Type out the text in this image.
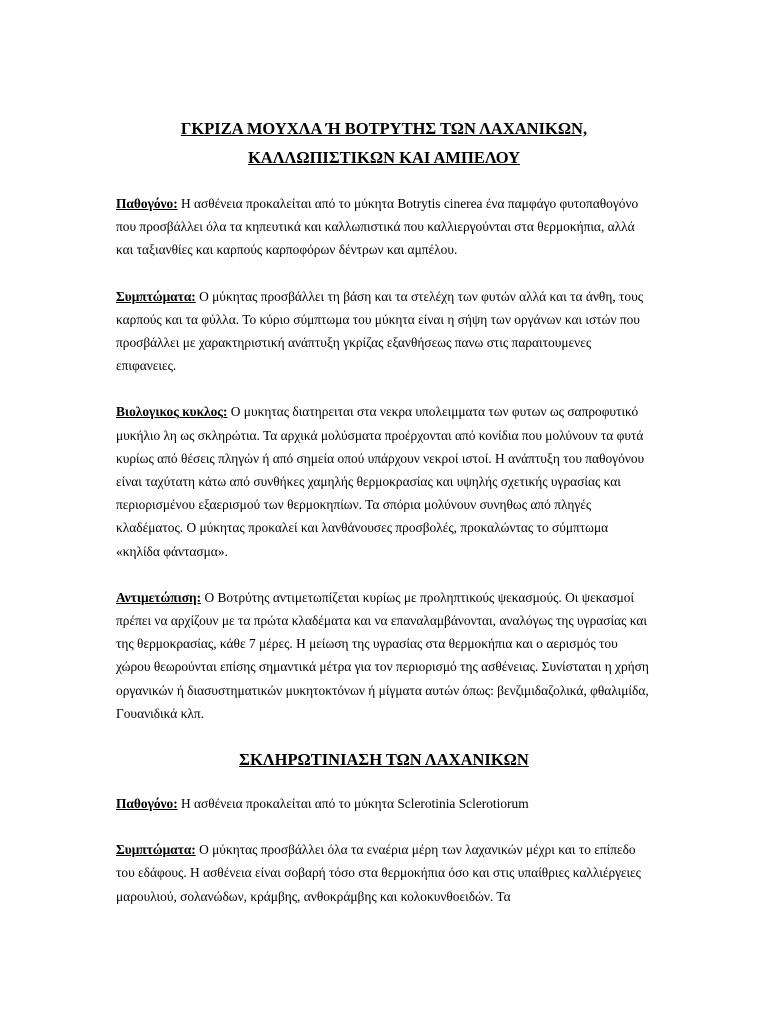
ΓΚΡΙΖΑ ΜΟΥΧΛΑ Ή ΒΟΤΡΥΤΗΣ ΤΩΝ ΛΑΧΑΝΙΚΩΝ,
ΚΑΛΛΩΠΙΣΤΙΚΩΝ ΚΑΙ ΑΜΠΕΛΟΥ

Παθογόνο: Η ασθένεια προκαλείται από το μύκητα Botrytis cinerea ένα παμφάγο φυτοπαθογόνο που προσβάλλει όλα τα κηπευτικά και καλλωπιστικά που καλλιεργούνται στα θερμοκήπια, αλλά και ταξιανθίες και καρπούς καρποφόρων δέντρων και αμπέλου.

Συμπτώματα: Ο μύκητας προσβάλλει τη βάση και τα στελέχη των φυτών αλλά και τα άνθη, τους καρπούς και τα φύλλα. Το κύριο σύμπτωμα του μύκητα είναι η σήψη των οργάνων και ιστών που προσβάλλει με χαρακτηριστική ανάπτυξη γκρίζας εξανθήσεως πανω στις παραιτουμενες επιφανειες.

Βιολογικος κυκλος: Ο μυκητας διατηρειται στα νεκρα υπολειμματα των φυτων ως σαπροφυτικό μυκήλιο λη ως σκληρώτια. Τα αρχικά μολύσματα προέρχονται από κονίδια που μολύνουν τα φυτά κυρίως από θέσεις πληγών ή από σημεία οπού υπάρχουν νεκροί ιστοί. Η ανάπτυξη του παθογόνου είναι ταχύτατη κάτω από συνθήκες χαμηλής θερμοκρασίας και υψηλής σχετικής υγρασίας και περιορισμένου εξαερισμού των θερμοκηπίων. Τα σπόρια μολύνουν συνηθως από πληγές κλαδέματος. Ο μύκητας προκαλεί και λανθάνουσες προσβολές, προκαλώντας το σύμπτωμα «κηλίδα φάντασμα».

Αντιμετώπιση: Ο Βοτρύτης αντιμετωπίζεται κυρίως με προληπτικούς ψεκασμούς. Οι ψεκασμοί πρέπει να αρχίζουν με τα πρώτα κλαδέματα και να επαναλαμβάνονται, αναλόγως της υγρασίας και της θερμοκρασίας, κάθε 7 μέρες. Η μείωση της υγρασίας στα θερμοκήπια και ο αερισμός του χώρου θεωρούνται επίσης σημαντικά μέτρα για τον περιορισμό της ασθένειας. Συνίσταται η χρήση οργανικών ή διασυστηματικών μυκητοκτόνων ή μίγματα αυτών όπως: βενζιμιδαζολικά, φθαλιμίδα, Γουανιδικά κλπ.

ΣΚΛΗΡΩΤΙΝΙΑΣΗ ΤΩΝ ΛΑΧΑΝΙΚΩΝ

Παθογόνο: Η ασθένεια προκαλείται από το μύκητα Sclerotinia Sclerotiorum

Συμπτώματα: Ο μύκητας προσβάλλει όλα τα εναέρια μέρη των λαχανικών μέχρι και το επίπεδο του εδάφους. Η ασθένεια είναι σοβαρή τόσο στα θερμοκήπια όσο και στις υπαίθριες καλλιέργειες μαρουλιού, σολανώδων, κράμβης, ανθοκράμβης και κολοκυνθοειδών. Τα
